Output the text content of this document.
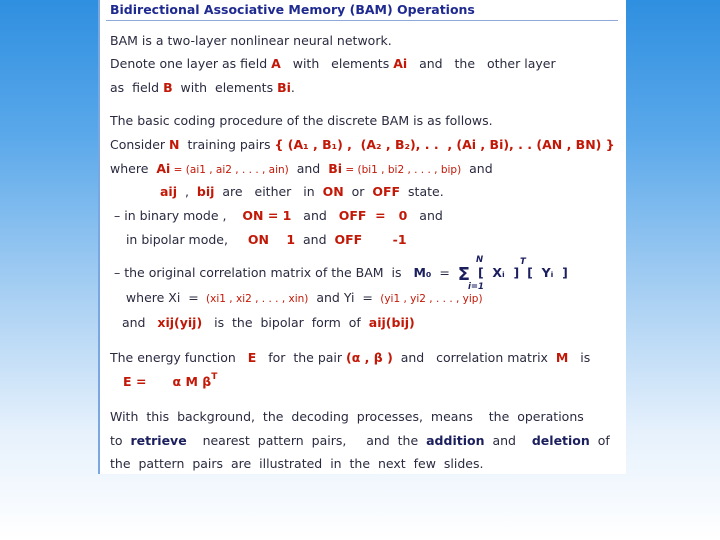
Bidirectional Associative Memory (BAM) Operations

BAM is a two-layer nonlinear neural network.

Denote one layer as field A   with   elements Ai   and   the   other layer

as  field B  with  elements Bi.

The basic coding procedure of the discrete BAM is as follows.

Consider N  training pairs { (A₁ , B₁) ,  (A₂ , B₂), . .  , (Ai , Bi), . . (AN , BN) }

where  Ai = (ai1 , ai2 , . . . , ain)  and  Bi = (bi1 , bi2 , . . . , bip)  and

aij  ,  bij  are   either   in  ON  or  OFF  state.

– in binary mode ,    ON = 1   and   OFF  =   0   and

in bipolar mode,     ON    1  and  OFF       -1

– the original correlation matrix of the BAM  is   M₀  =  Σ [  Xᵢ  ] [  Yᵢ  ]

N
i=1
T

where Xi  =  (xi1 , xi2 , . . . , xin)  and Yi  =  (yi1 , yi2 , . . . , yip)

and   xij(yij)   is  the  bipolar  form  of  aij(bij)

The energy function   E   for  the pair (α , β )  and   correlation matrix  M   is

E =      α M $\beta^T$

With  this  background,  the  decoding  processes,  means    the  operations

to  retrieve    nearest  pattern  pairs,     and  the  addition  and    deletion  of

the  pattern  pairs  are  illustrated  in  the  next  few  slides.
